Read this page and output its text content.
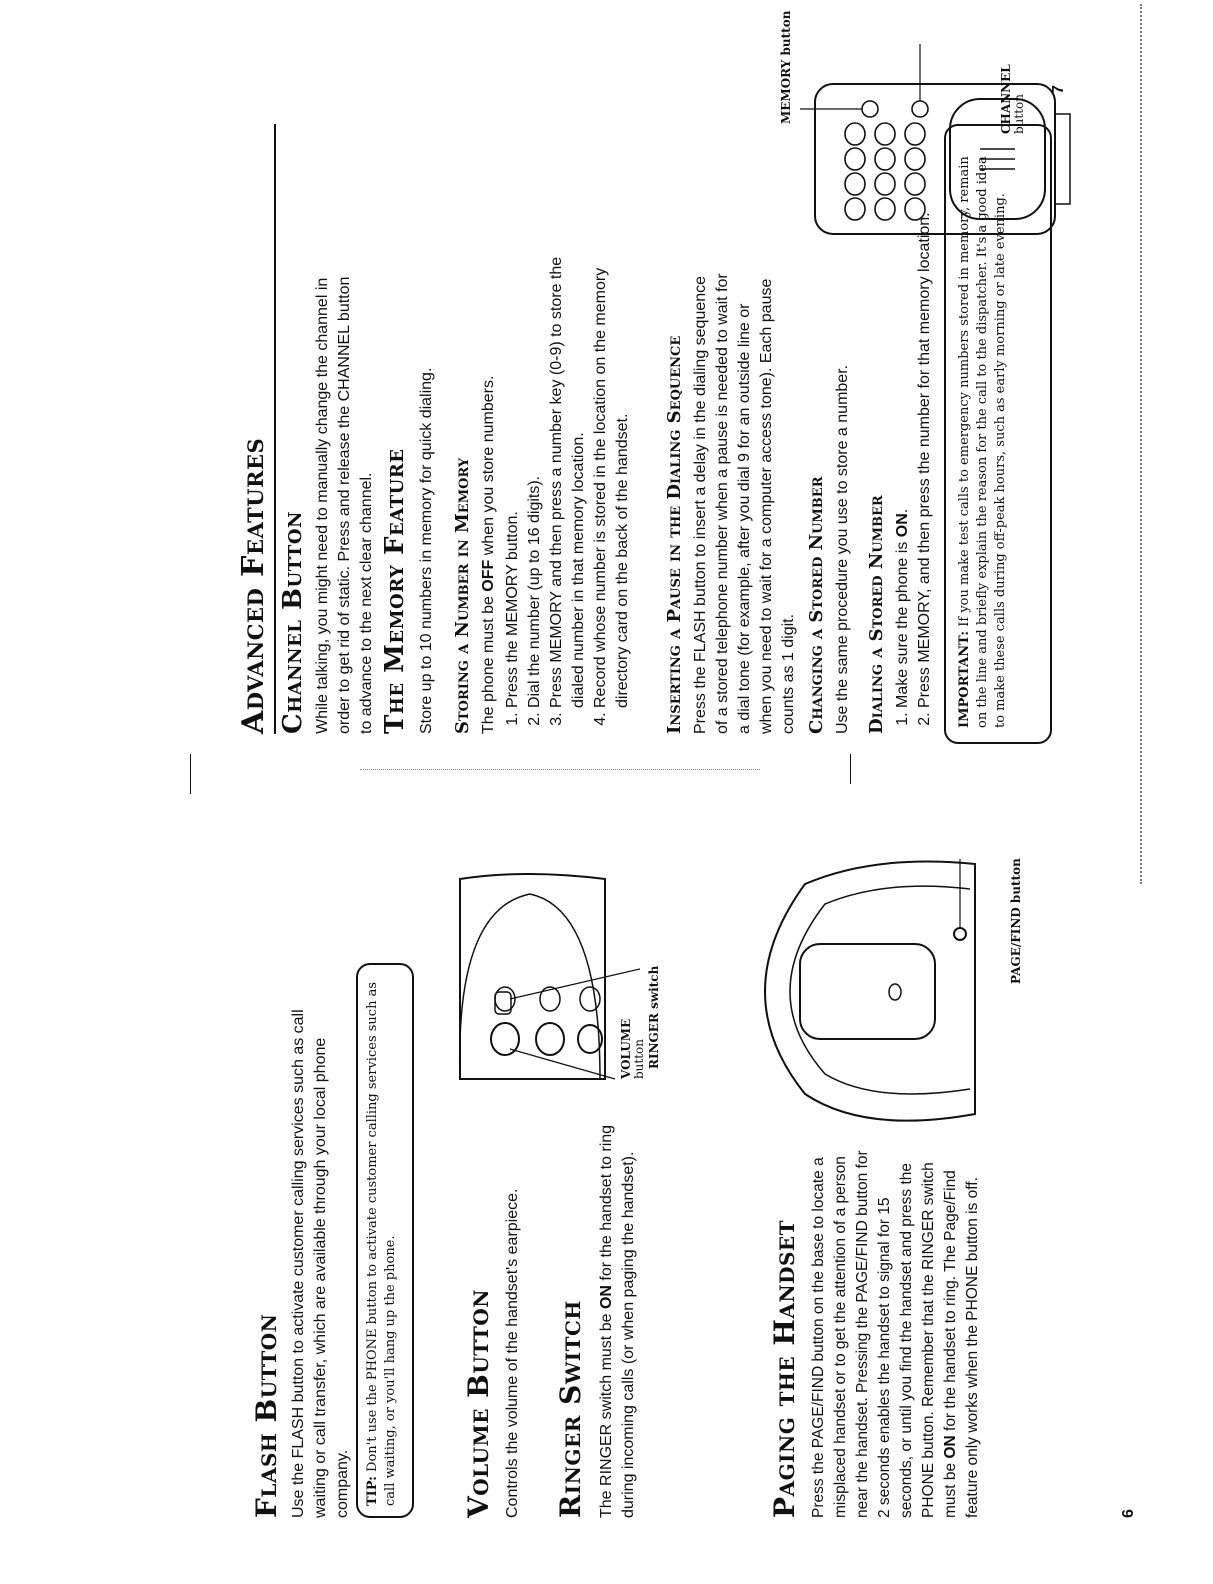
Flash Button Use the FLASH button to activate customer calling services such as call waiting or call transfer, which are available through your local phone company.	TIP: Don't use the PHONE button to activate customer calling services such as call waiting, or you'll hang up the phone.	Volume Button Controls the volume of the handset's earpiece. Ringer Switch The RINGER switch must be ON for the handset to ring during incoming calls (or when paging the handset).

VOLUME button RINGER switch
Paging the Handset Press the PAGE/FIND button on the base to locate a misplaced handset or to get the attention of a person near the handset. Pressing the PAGE/FIND button for 2 seconds enables the handset to signal for 15 seconds, or until you find the handset and press the PHONE button. Remember that the RINGER switch must be ON for the handset to ring. The Page/Find feature only works when the PHONE button is off.

PAGE/FIND button
6
Advanced Features Channel Button While talking, you might need to manually change the channel in order to get rid of static. Press and release the CHANNEL button to advance to the next clear channel. The Memory Feature Store up to 10 numbers in memory for quick dialing. Storing a Number in Memory The phone must be OFF when you store numbers.

1. Press the MEMORY button. 2. Dial the number (up to 16 digits). 3. Press MEMORY and then press a number key (0-9) to store the dialed number in that memory location. 4. Record whose number is stored in the location on the memory directory card on the back of the handset. Inserting a Pause in the Dialing Sequence Press the FLASH button to insert a delay in the dialing sequence of a stored telephone number when a pause is needed to wait for a dial tone (for example, after you dial 9 for an outside line or when you need to wait for a computer access tone). Each pause counts as 1 digit. Changing a Stored Number Use the same procedure you use to store a number. Dialing a Stored Number 1. Make sure the phone is ON. 2. Press MEMORY, and then press the number for that memory location.	IMPORTANT: If you make test calls to emergency numbers stored in memory, remain on the line and briefly explain the reason for the call to the dispatcher. It's a good idea to make these calls during off-peak hours, such as early morning or late evening.
MEMORY button	CHANNEL button
7
